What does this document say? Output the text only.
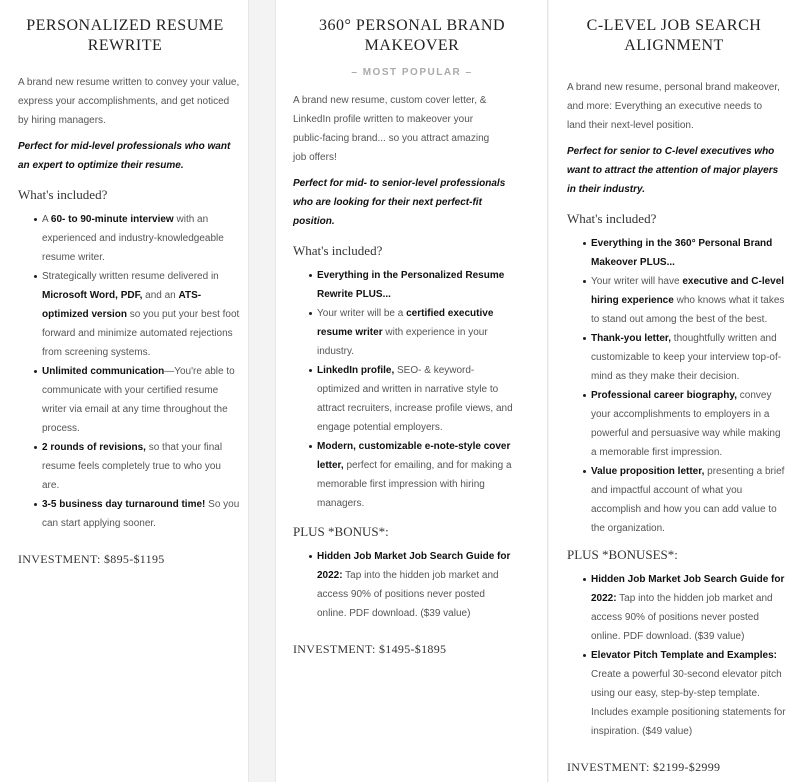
PERSONALIZED RESUME REWRITE

A brand new resume written to convey your value, express your accomplishments, and get noticed by hiring managers.

Perfect for mid-level professionals who want an expert to optimize their resume.

What's included?

A 60- to 90-minute interview with an experienced and industry-knowledgeable resume writer.
Strategically written resume delivered in Microsoft Word, PDF, and an ATS-optimized version so you put your best foot forward and minimize automated rejections from screening systems.
Unlimited communication—You're able to communicate with your certified resume writer via email at any time throughout the process.
2 rounds of revisions, so that your final resume feels completely true to who you are.
3-5 business day turnaround time! So you can start applying sooner.
INVESTMENT: $895-$1195
360° PERSONAL BRAND MAKEOVER
– MOST POPULAR –

A brand new resume, custom cover letter, & LinkedIn profile written to makeover your public-facing brand... so you attract amazing job offers!

Perfect for mid- to senior-level professionals who are looking for their next perfect-fit position.

What's included?

Everything in the Personalized Resume Rewrite PLUS...
Your writer will be a certified executive resume writer with experience in your industry.
LinkedIn profile, SEO- & keyword-optimized and written in narrative style to attract recruiters, increase profile views, and engage potential employers.
Modern, customizable e-note-style cover letter, perfect for emailing, and for making a memorable first impression with hiring managers.

PLUS *BONUS*:

Hidden Job Market Job Search Guide for 2022: Tap into the hidden job market and access 90% of positions never posted online. PDF download. ($39 value)
INVESTMENT: $1495-$1895
C-LEVEL JOB SEARCH ALIGNMENT

A brand new resume, personal brand makeover, and more: Everything an executive needs to land their next-level position.

Perfect for senior to C-level executives who want to attract the attention of major players in their industry.

What's included?

Everything in the 360° Personal Brand Makeover PLUS...
Your writer will have executive and C-level hiring experience who knows what it takes to stand out among the best of the best.
Thank-you letter, thoughtfully written and customizable to keep your interview top-of-mind as they make their decision.
Professional career biography, convey your accomplishments to employers in a powerful and persuasive way while making a memorable first impression.
Value proposition letter, presenting a brief and impactful account of what you accomplish and how you can add value to the organization.

PLUS *BONUSES*:

Hidden Job Market Job Search Guide for 2022: Tap into the hidden job market and access 90% of positions never posted online. PDF download. ($39 value)
Elevator Pitch Template and Examples: Create a powerful 30-second elevator pitch using our easy, step-by-step template. Includes example positioning statements for inspiration. ($49 value)
INVESTMENT: $2199-$2999
